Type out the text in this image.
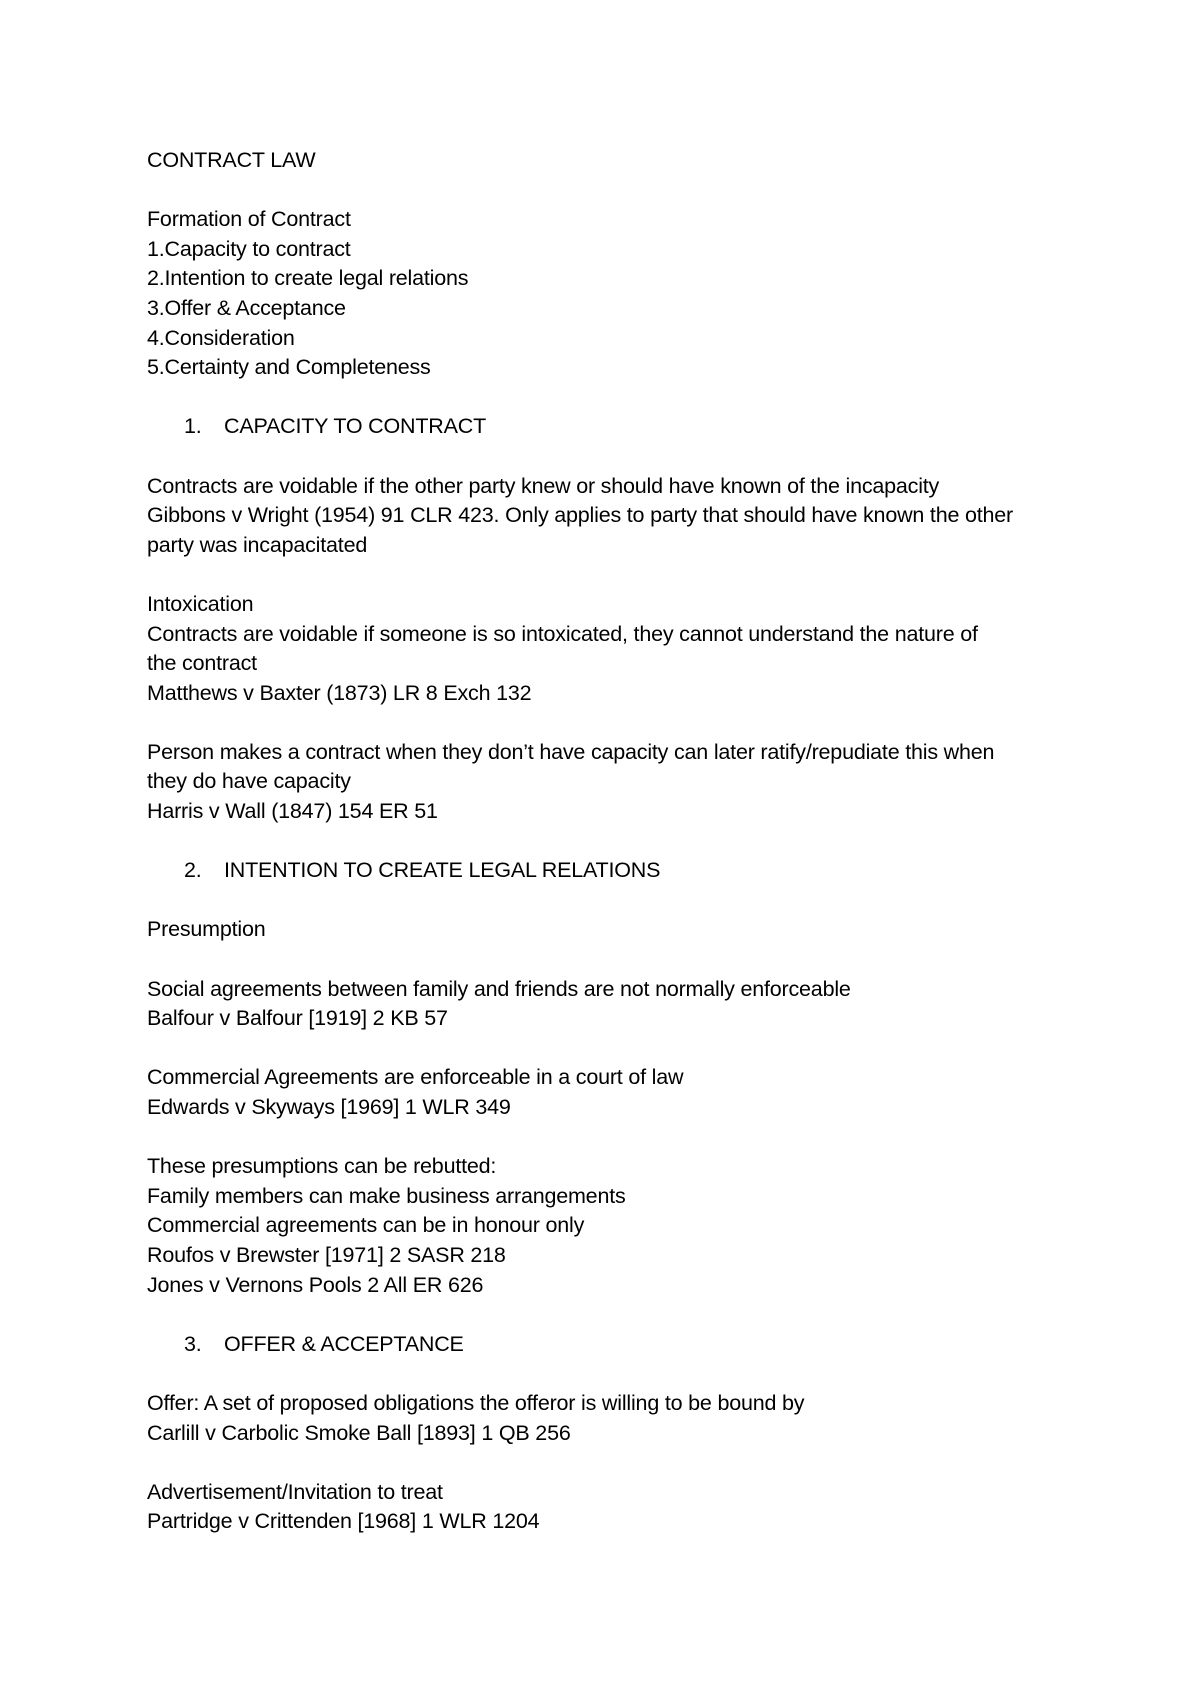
CONTRACT LAW
Formation of Contract
1.Capacity to contract
2.Intention to create legal relations
3.Offer & Acceptance
4.Consideration
5.Certainty and Completeness
1. CAPACITY TO CONTRACT
Contracts are voidable if the other party knew or should have known of the incapacity
Gibbons v Wright (1954) 91 CLR 423. Only applies to party that should have known the other
party was incapacitated
Intoxication
Contracts are voidable if someone is so intoxicated, they cannot understand the nature of
the contract
Matthews v Baxter (1873) LR 8 Exch 132
Person makes a contract when they don’t have capacity can later ratify/repudiate this when
they do have capacity
Harris v Wall (1847) 154 ER 51
2. INTENTION TO CREATE LEGAL RELATIONS
Presumption
Social agreements between family and friends are not normally enforceable
Balfour v Balfour [1919] 2 KB 57
Commercial Agreements are enforceable in a court of law
Edwards v Skyways [1969] 1 WLR 349
These presumptions can be rebutted:
Family members can make business arrangements
Commercial agreements can be in honour only
Roufos v Brewster [1971] 2 SASR 218
Jones v Vernons Pools 2 All ER 626
3. OFFER & ACCEPTANCE
Offer: A set of proposed obligations the offeror is willing to be bound by
Carlill v Carbolic Smoke Ball [1893] 1 QB 256
Advertisement/Invitation to treat
Partridge v Crittenden [1968] 1 WLR 1204
